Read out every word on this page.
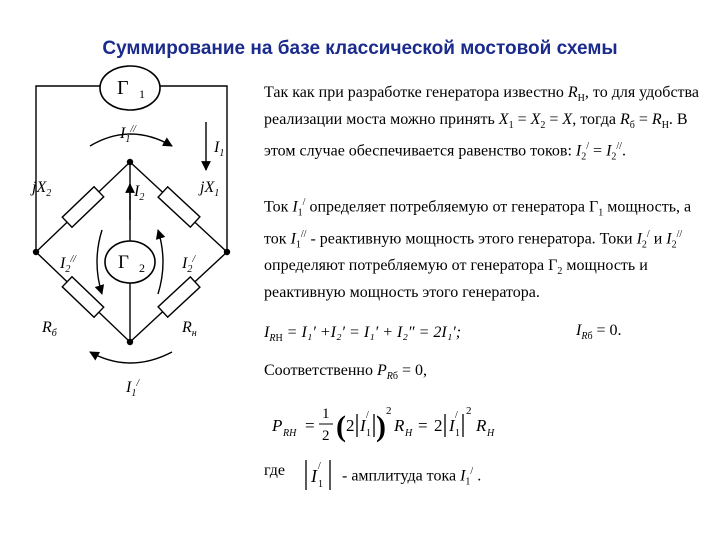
Суммирование на базе классической мостовой схемы
Г 1
Г 2
$I_1^{//}$
$I_1$
$I_2$
$jX_2$	$jX_1$
$I_2^{//}$	$I_2^/$
$R_б$	$R_н$
$I_1^/$
Так как при разработке генератора известно $R_Н$, то для удобства реализации моста можно принять $X_1 = X_2 = X$, тогда $R_б = R_Н$. В этом случае обеспечивается равенство токов: $I_2^/ = I_2^{//}$.
Ток $I_1^/$ определяет потребляемую от генератора $Г_1$ мощность, а ток $I_1^{//}$ - реактивную мощность этого генератора. Токи $I_2^/$ и $I_2^{//}$ определяют потребляемую от генератора $Г_2$ мощность и реактивную мощность этого генератора.
$I_{RН} = I_1' +I_2' = I_1' + I_2'' = 2I_1'$;	$I_{Rб} = 0$.
Соответственно $P_{Rб} = 0$,
P RH =
1
2 ( 2 I 1
/ ) 2
R H = 2 I 1
/ 2
R H
где I 1
/
- амплитуда тока $I_1^/$ .
